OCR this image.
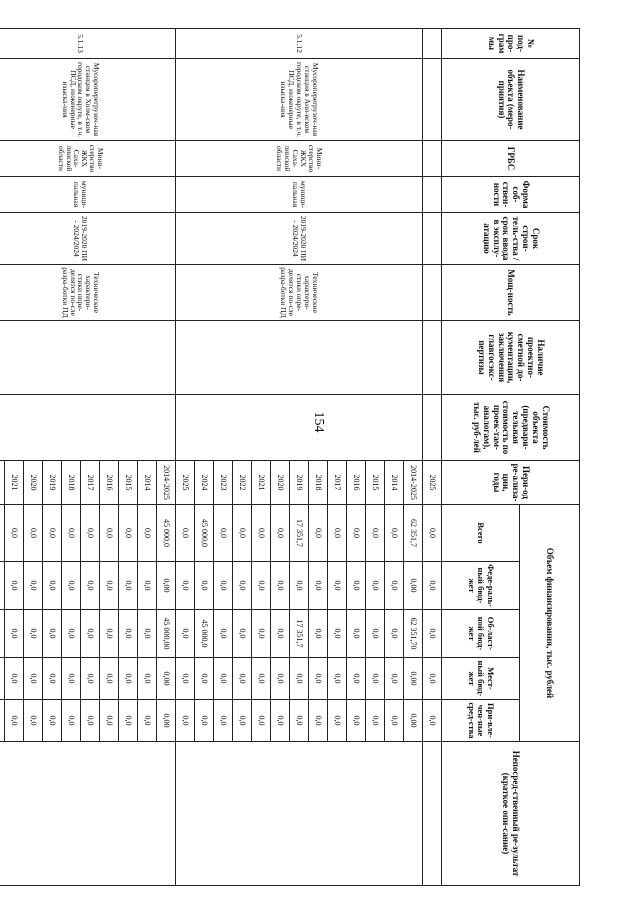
154
№ под-про-грам мы	Наименование объекта (меро-приятия)	ГРБС	Форма соб-ствен-ности	Срок строи-тель-ства / срок ввода в эксплу-атацию	Мощ-ность	Наличие проектно-сметной до-кументации, заключения главгосэкс-пертизы	Стоимость объекта (предвари-тельная стоимость по проек-там-аналогам), тыс. руб-лей	Пери-од ре-ализа-ции, годы	Объем финансирования, тыс. рублей					Непосред-ственный ре-зультат (краткое опи-сание)
									Всего	Феде-раль-ный бюд-жет	Об-ласт-ной бюд-жет	Мест-ный бюд-жет	При-вле-чен-ные сред-ства	
								2025	0,0	0,0	0,0	0,0	0,0	
5.1.12	Мусороперегрузоч-ная станция в Ани-вском городском округе, в т.ч. ПСД, инженерные изыска-ния	Мини-стерство ЖКХ Саха-линской области	муници-пальная	2019-2020 ПИ - 2024/2024	Технические характери-стики опре-делятся по-сле разра-ботки ПД			2014-2025	62 351,7	0,00	62 351,70	0,00	0,00	
								2014	0,0	0,0	0,0	0,0	0,0	
								2015	0,0	0,0	0,0	0,0	0,0	
								2016	0,0	0,0	0,0	0,0	0,0	
								2017	0,0	0,0	0,0	0,0	0,0	
								2018	0,0	0,0	0,0	0,0	0,0	
								2019	17 351,7	0,0	17 351,7	0,0	0,0	
								2020	0,0	0,0	0,0	0,0	0,0	
								2021	0,0	0,0	0,0	0,0	0,0	
								2022	0,0	0,0	0,0	0,0	0,0	
								2023	0,0	0,0	0,0	0,0	0,0	
								2024	45 000,0	0,0	45 000,0	0,0	0,0	
								2025	0,0	0,0	0,0	0,0	0,0	
5.1.13	Мусороперегрузоч-ная станция в Холм-ском городском округе, в т.ч. ПСД, инженерные изыска-ния	Мини-стерство ЖКХ Саха-линской области	муници-пальная	2019-2020 ПИ - 2024/2024	Технические характери-стики опре-делятся по-сле разра-ботки ПД			2014-2025	45 000,0	0,00	45 000,00	0,00	0,00	
								2014	0,0	0,0	0,0	0,0	0,0	
								2015	0,0	0,0	0,0	0,0	0,0	
								2016	0,0	0,0	0,0	0,0	0,0	
								2017	0,0	0,0	0,0	0,0	0,0	
								2018	0,0	0,0	0,0	0,0	0,0	
								2019	0,0	0,0	0,0	0,0	0,0	
								2020	0,0	0,0	0,0	0,0	0,0	
								2021	0,0	0,0	0,0	0,0	0,0	
